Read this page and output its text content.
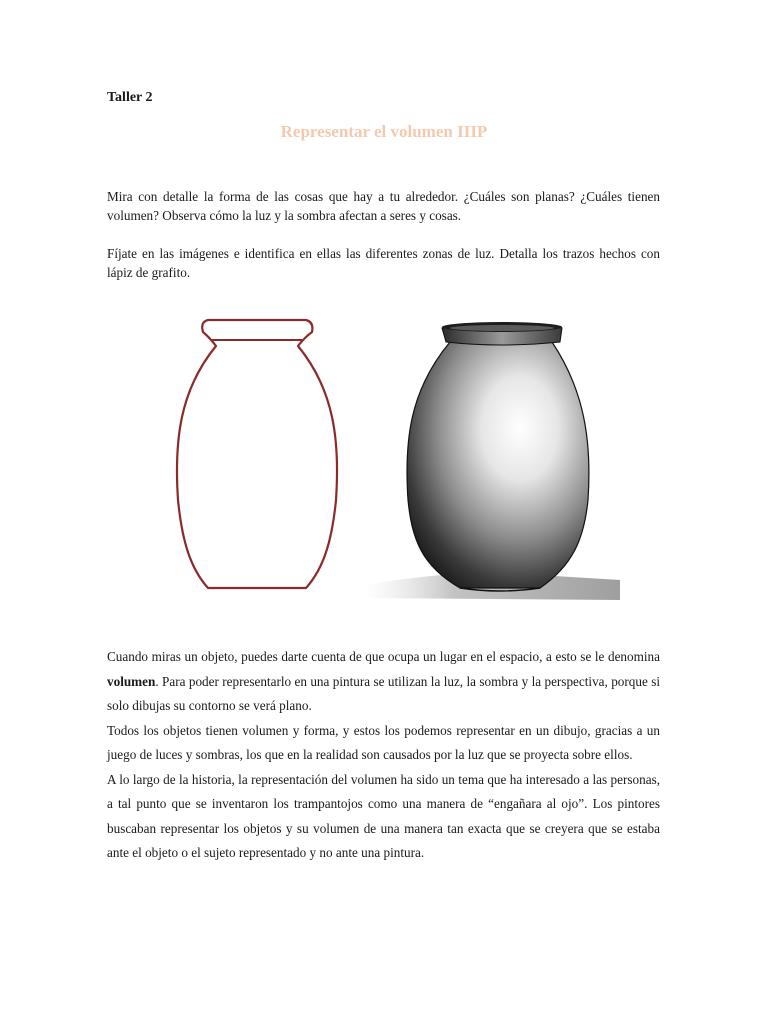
Taller 2
Representar el volumen IIIP

Mira con detalle la forma de las cosas que hay a tu alrededor. ¿Cuáles son planas? ¿Cuáles tienen volumen? Observa cómo la luz y la sombra afectan a seres y cosas.

Fíjate en las imágenes e identifica en ellas las diferentes zonas de luz. Detalla los trazos hechos con lápiz de grafito.

Cuando miras un objeto, puedes darte cuenta de que ocupa un lugar en el espacio, a esto se le denomina volumen. Para poder representarlo en una pintura se utilizan la luz, la sombra y la perspectiva, porque si solo dibujas su contorno se verá plano.

Todos los objetos tienen volumen y forma, y estos los podemos representar en un dibujo, gracias a un juego de luces y sombras, los que en la realidad son causados por la luz que se proyecta sobre ellos.

A lo largo de la historia, la representación del volumen ha sido un tema que ha interesado a las personas, a tal punto que se inventaron los trampantojos como una manera de “engañara al ojo”. Los pintores buscaban representar los objetos y su volumen de una manera tan exacta que se creyera que se estaba ante el objeto o el sujeto representado y no ante una pintura.
